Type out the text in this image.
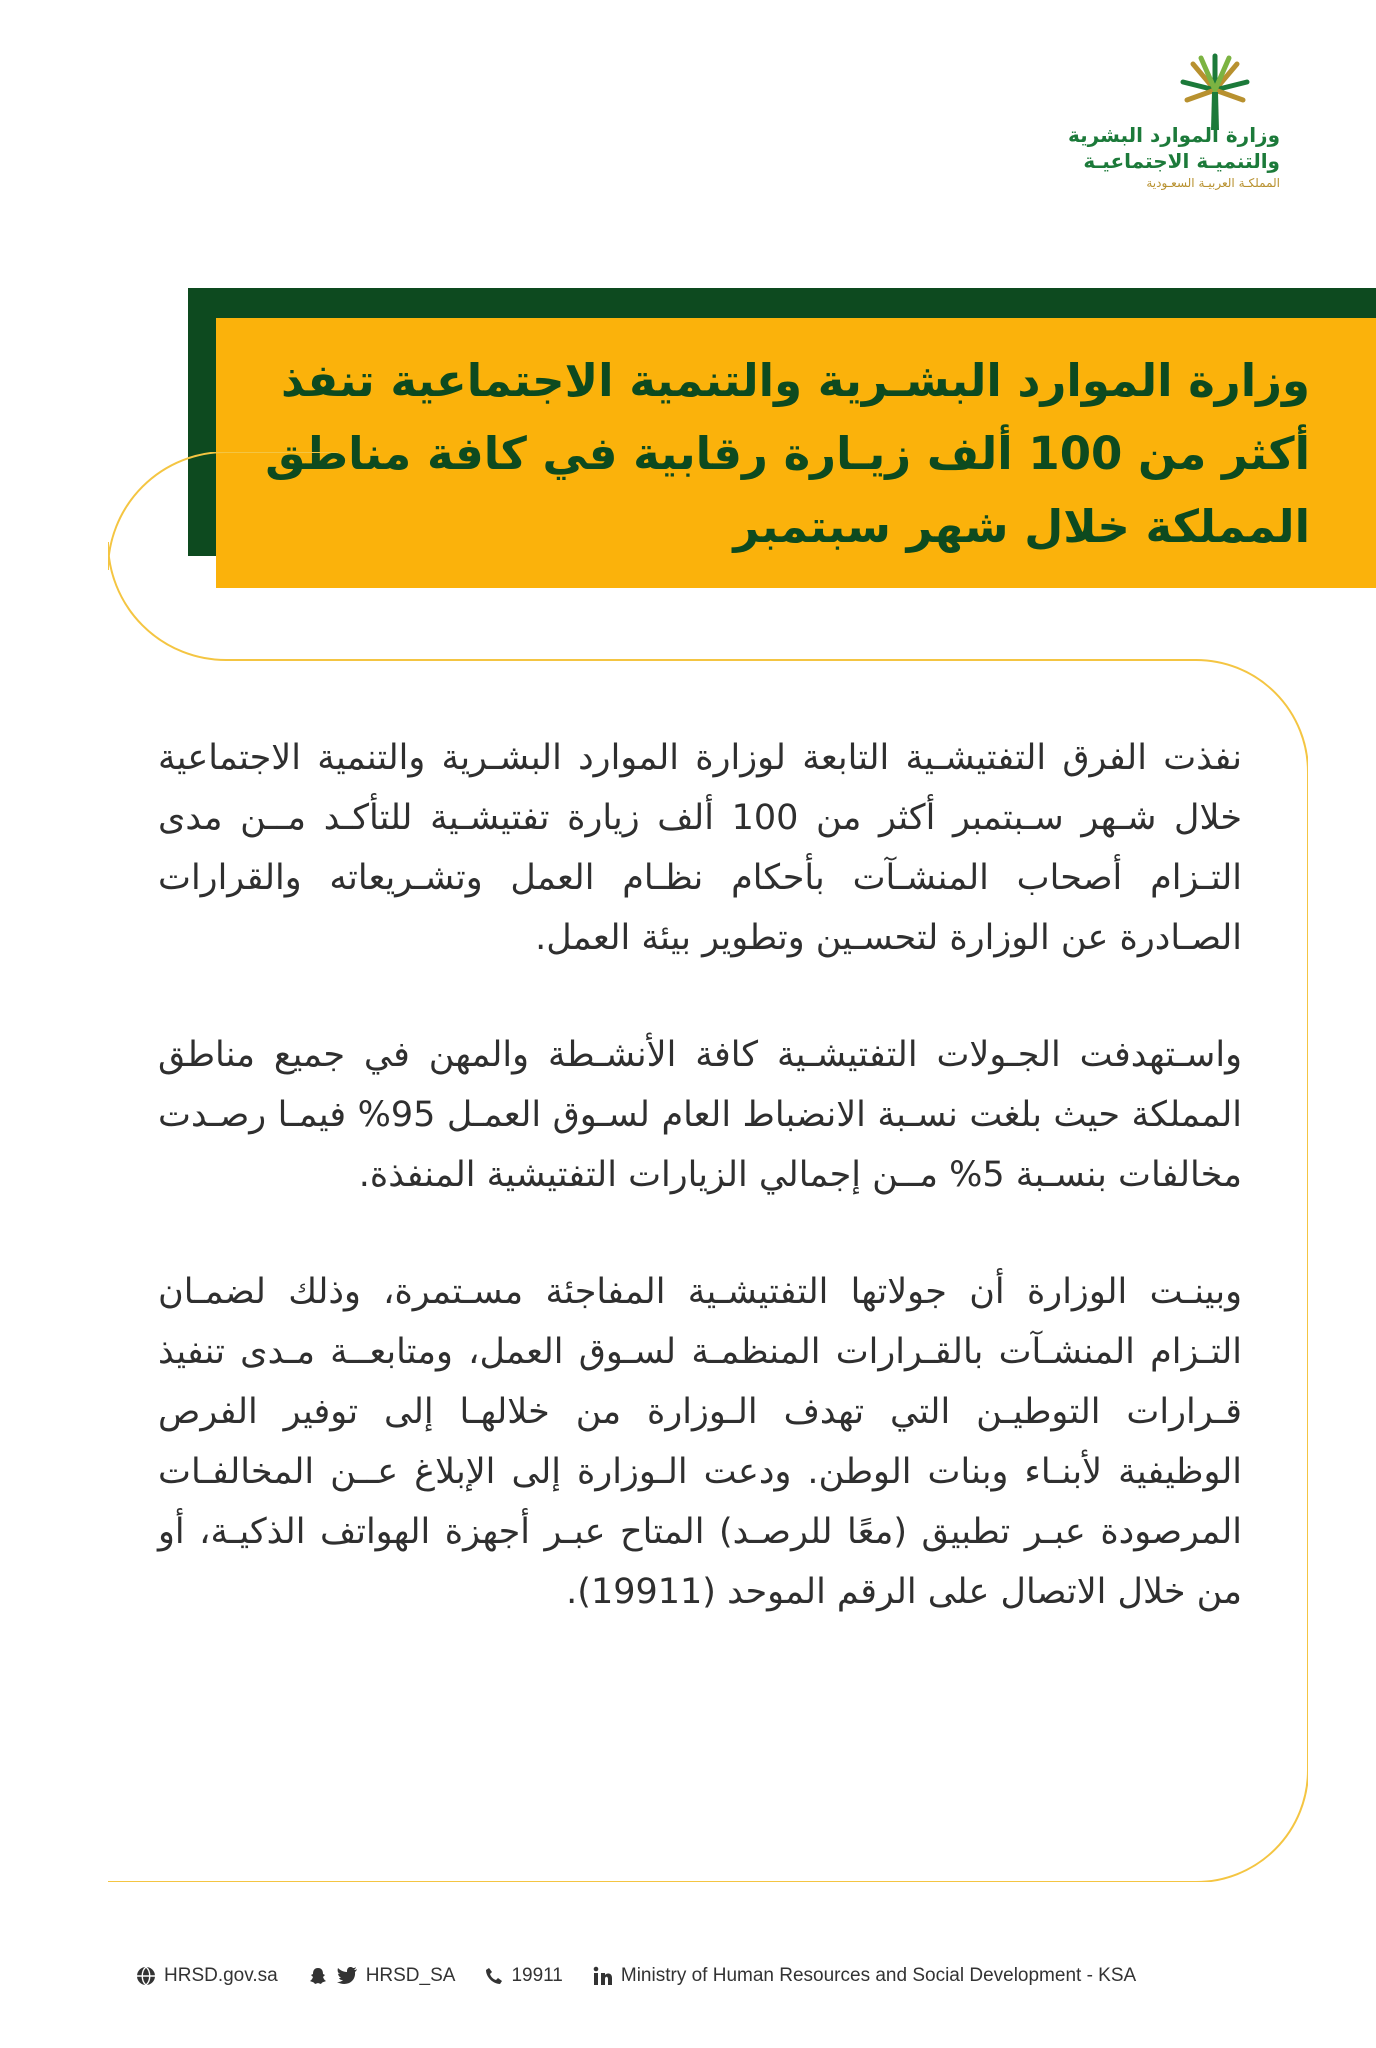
وزارة الموارد البشرية
والتنميـة الاجتماعيـة
المملكـة العربيـة السعـودية
وزارة الموارد البشـرية والتنمية الاجتماعية تنفذ أكثر من 100 ألف زيـارة رقابية في كافة مناطق المملكة خلال شهر سبتمبر

نفذت الفرق التفتيشـية التابعة لوزارة الموارد البشـرية والتنمية الاجتماعية خلال شـهر سـبتمبر أكثر من 100 ألف زيارة تفتيشـية للتأكـد مــن مدى التـزام أصحاب المنشـآت بأحكام نظـام العمل وتشـريعاته والقرارات الصـادرة عن الوزارة لتحسـين وتطوير بيئة العمل.

واسـتهدفت الجـولات التفتيشـية كافة الأنشـطة والمهن في جميع مناطق المملكة حيث بلغت نسـبة الانضباط العام لسـوق العمـل 95% فيمـا رصـدت مخالفات بنسـبة 5% مــن إجمالي الزيارات التفتيشية المنفذة.

وبينـت الوزارة أن جولاتها التفتيشـية المفاجئة مسـتمرة، وذلك لضمـان التـزام المنشـآت بالقـرارات المنظمـة لسـوق العمل، ومتابعــة مـدى تنفيذ قـرارات التوطيـن التي تهدف الـوزارة من خلالهـا إلى توفير الفرص الوظيفية لأبنـاء وبنات الوطن. ودعت الـوزارة إلى الإبلاغ عــن المخالفـات المرصودة عبـر تطبيق (معًا للرصـد) المتاح عبـر أجهزة الهواتف الذكيـة، أو من خلال الاتصال على الرقم الموحد (19911).

HRSD.gov.sa	HRSD_SA	19911	Ministry of Human Resources and Social Development - KSA
